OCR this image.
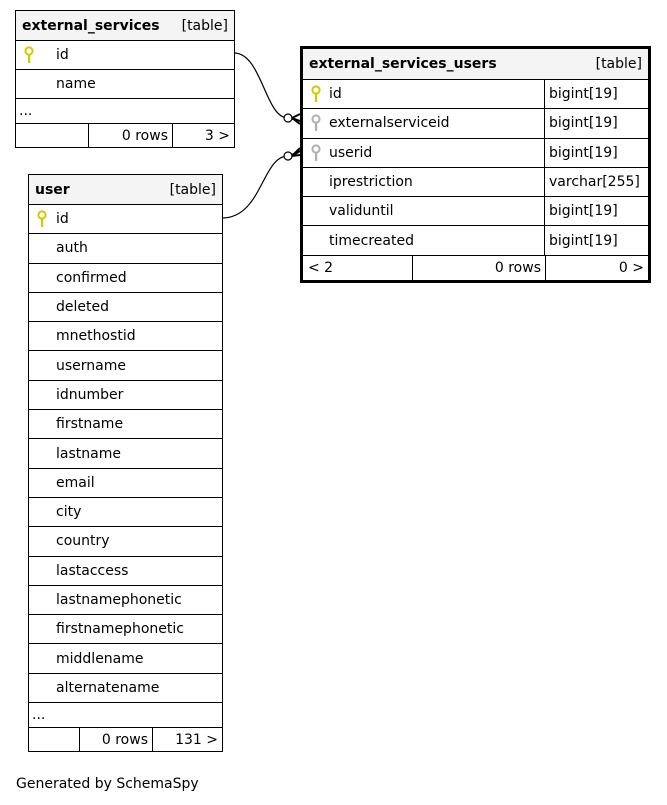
external_services [table]
id
name
...
0 rows	3 >
user	[table]
id
auth
confirmed
deleted
mnethostid
username
idnumber
firstname
lastname
email
city
country
lastaccess
lastnamephonetic
firstnamephonetic
middlename
alternatename
...
0 rows	131 >
external_services_users	[table]
id	bigint[19]
externalserviceid	bigint[19]
userid	bigint[19]
iprestriction	varchar[255]
validuntil	bigint[19]
timecreated	bigint[19]
< 2	0 rows	0 >
Generated by SchemaSpy
